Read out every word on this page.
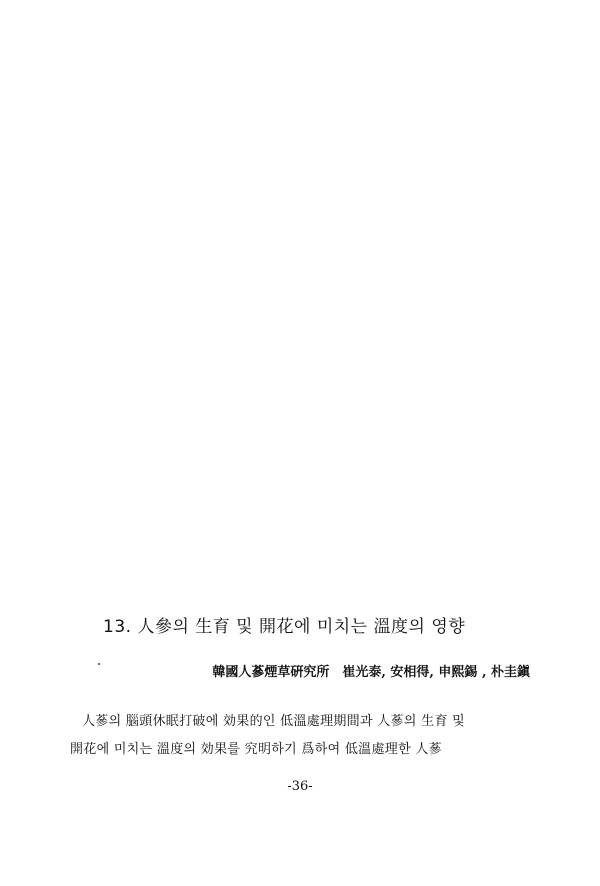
13. 人參의 生育 및 開花에 미치는 溫度의 영향
韓國人蔘煙草硏究所　崔光泰, 安相得, 申熙錫 , 朴圭鎭
人蔘의 腦頭休眠打破에 効果的인 低溫處理期間과 人蔘의 生育 및
開花에 미치는 溫度의 効果를 究明하기 爲하여 低溫處理한 人蔘
-36-
